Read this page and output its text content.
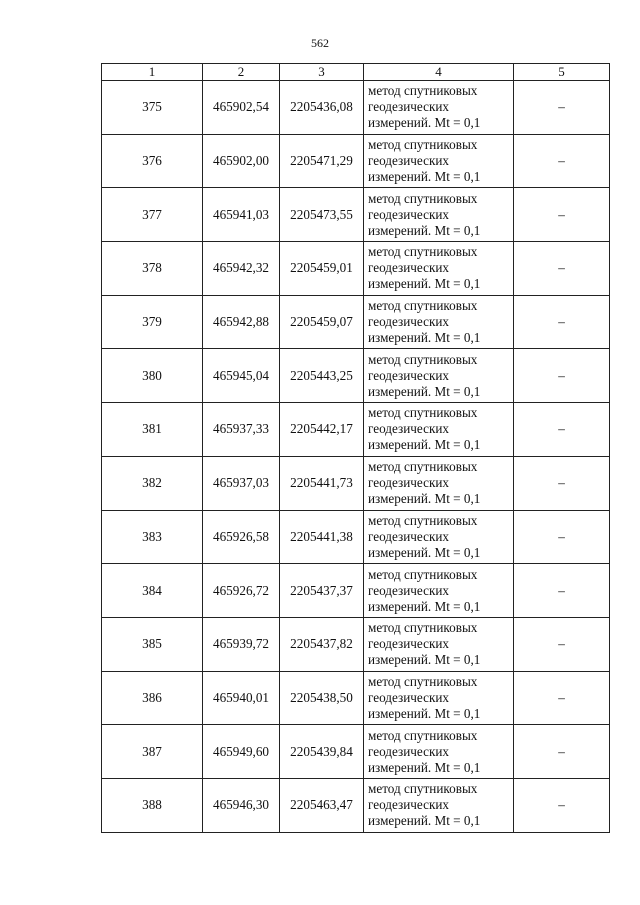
562
1	2	3	4	5
375	465902,54	2205436,08	метод спутниковых
геодезических
измерений. Mt = 0,1	–
376	465902,00	2205471,29	метод спутниковых
геодезических
измерений. Mt = 0,1	–
377	465941,03	2205473,55	метод спутниковых
геодезических
измерений. Mt = 0,1	–
378	465942,32	2205459,01	метод спутниковых
геодезических
измерений. Mt = 0,1	–
379	465942,88	2205459,07	метод спутниковых
геодезических
измерений. Mt = 0,1	–
380	465945,04	2205443,25	метод спутниковых
геодезических
измерений. Mt = 0,1	–
381	465937,33	2205442,17	метод спутниковых
геодезических
измерений. Mt = 0,1	–
382	465937,03	2205441,73	метод спутниковых
геодезических
измерений. Mt = 0,1	–
383	465926,58	2205441,38	метод спутниковых
геодезических
измерений. Mt = 0,1	–
384	465926,72	2205437,37	метод спутниковых
геодезических
измерений. Mt = 0,1	–
385	465939,72	2205437,82	метод спутниковых
геодезических
измерений. Mt = 0,1	–
386	465940,01	2205438,50	метод спутниковых
геодезических
измерений. Mt = 0,1	–
387	465949,60	2205439,84	метод спутниковых
геодезических
измерений. Mt = 0,1	–
388	465946,30	2205463,47	метод спутниковых
геодезических
измерений. Mt = 0,1	–
